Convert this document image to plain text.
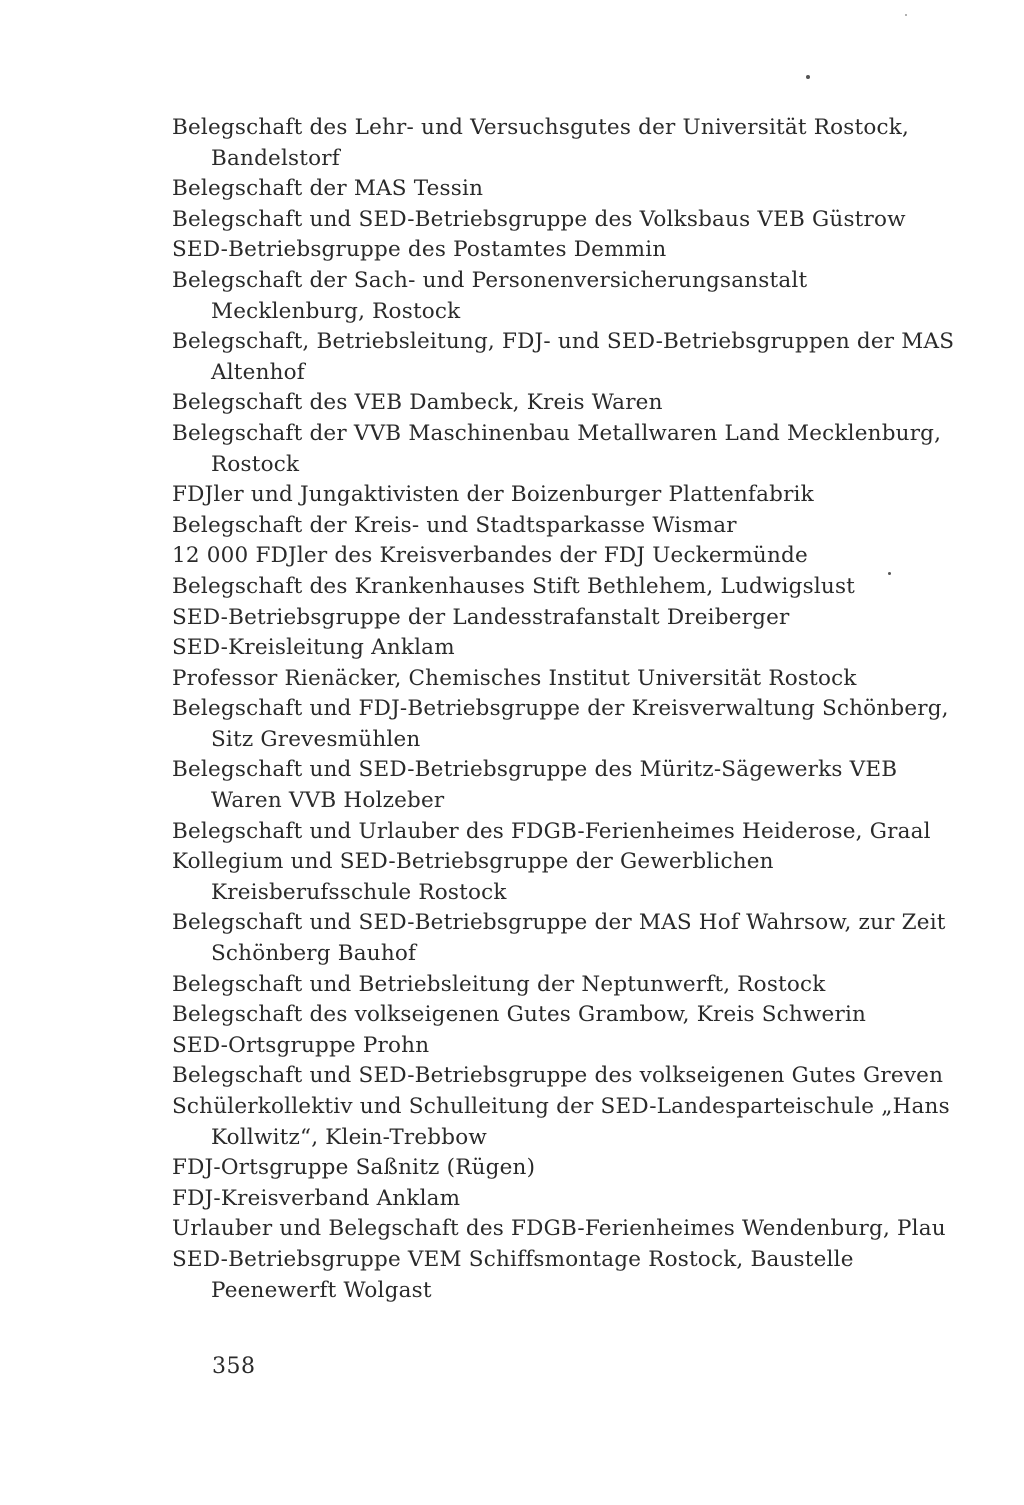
Belegschaft des Lehr- und Versuchsgutes der Universität Rostock, Bandelstorf
Belegschaft der MAS Tessin
Belegschaft und SED-Betriebsgruppe des Volksbaus VEB Güstrow
SED-Betriebsgruppe des Postamtes Demmin
Belegschaft der Sach- und Personenversicherungsanstalt Mecklenburg, Rostock
Belegschaft, Betriebsleitung, FDJ- und SED-Betriebsgruppen der MAS Altenhof
Belegschaft des VEB Dambeck, Kreis Waren
Belegschaft der VVB Maschinenbau Metallwaren Land Mecklenburg, Rostock
FDJler und Jungaktivisten der Boizenburger Plattenfabrik
Belegschaft der Kreis- und Stadtsparkasse Wismar
12 000 FDJler des Kreisverbandes der FDJ Ueckermünde
Belegschaft des Krankenhauses Stift Bethlehem, Ludwigslust
SED-Betriebsgruppe der Landesstrafanstalt Dreiberger
SED-Kreisleitung Anklam
Professor Rienäcker, Chemisches Institut Universität Rostock
Belegschaft und FDJ-Betriebsgruppe der Kreisverwaltung Schönberg, Sitz Grevesmühlen
Belegschaft und SED-Betriebsgruppe des Müritz-Sägewerks VEB Waren VVB Holzeber
Belegschaft und Urlauber des FDGB-Ferienheimes Heiderose, Graal
Kollegium und SED-Betriebsgruppe der Gewerblichen Kreisberufsschule Rostock
Belegschaft und SED-Betriebsgruppe der MAS Hof Wahrsow, zur Zeit Schönberg Bauhof
Belegschaft und Betriebsleitung der Neptunwerft, Rostock
Belegschaft des volkseigenen Gutes Grambow, Kreis Schwerin
SED-Ortsgruppe Prohn
Belegschaft und SED-Betriebsgruppe des volkseigenen Gutes Greven
Schülerkollektiv und Schulleitung der SED-Landesparteischule „Hans Kollwitz“, Klein-Trebbow
FDJ-Ortsgruppe Saßnitz (Rügen)
FDJ-Kreisverband Anklam
Urlauber und Belegschaft des FDGB-Ferienheimes Wendenburg, Plau
SED-Betriebsgruppe VEM Schiffsmontage Rostock, Baustelle Peenewerft Wolgast

358
